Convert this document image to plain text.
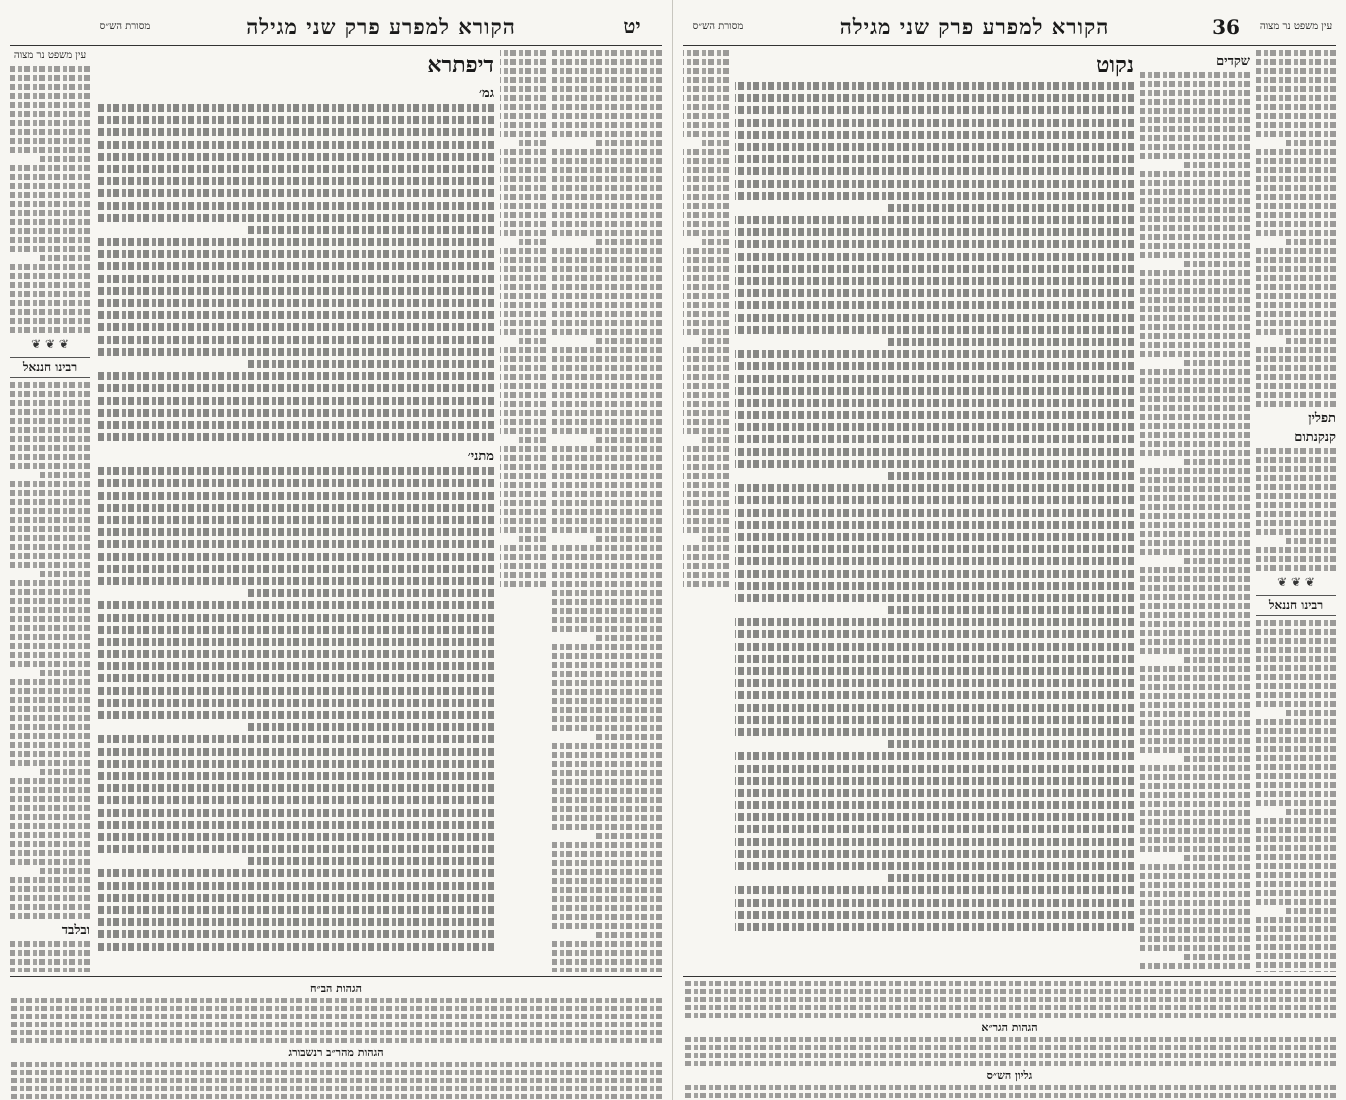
יט
הקורא למפרע פרק שני מגילה
מסורת הש״ס
דיפתרא
גמ׳
מתני׳
עין משפט נר מצוה
❦ ❦ ❦
רבינו חננאל
ובלבד
הגהות הב״ח
הגהות מהר״ב רנשבורג
עין משפט נר מצוה
36
הקורא למפרע פרק שני מגילה
מסורת הש״ס
תפלין
קנקנתום
❦ ❦ ❦
רבינו חננאל
שקדים
נקוט
הגהות הגר״א
גליון הש״ס
